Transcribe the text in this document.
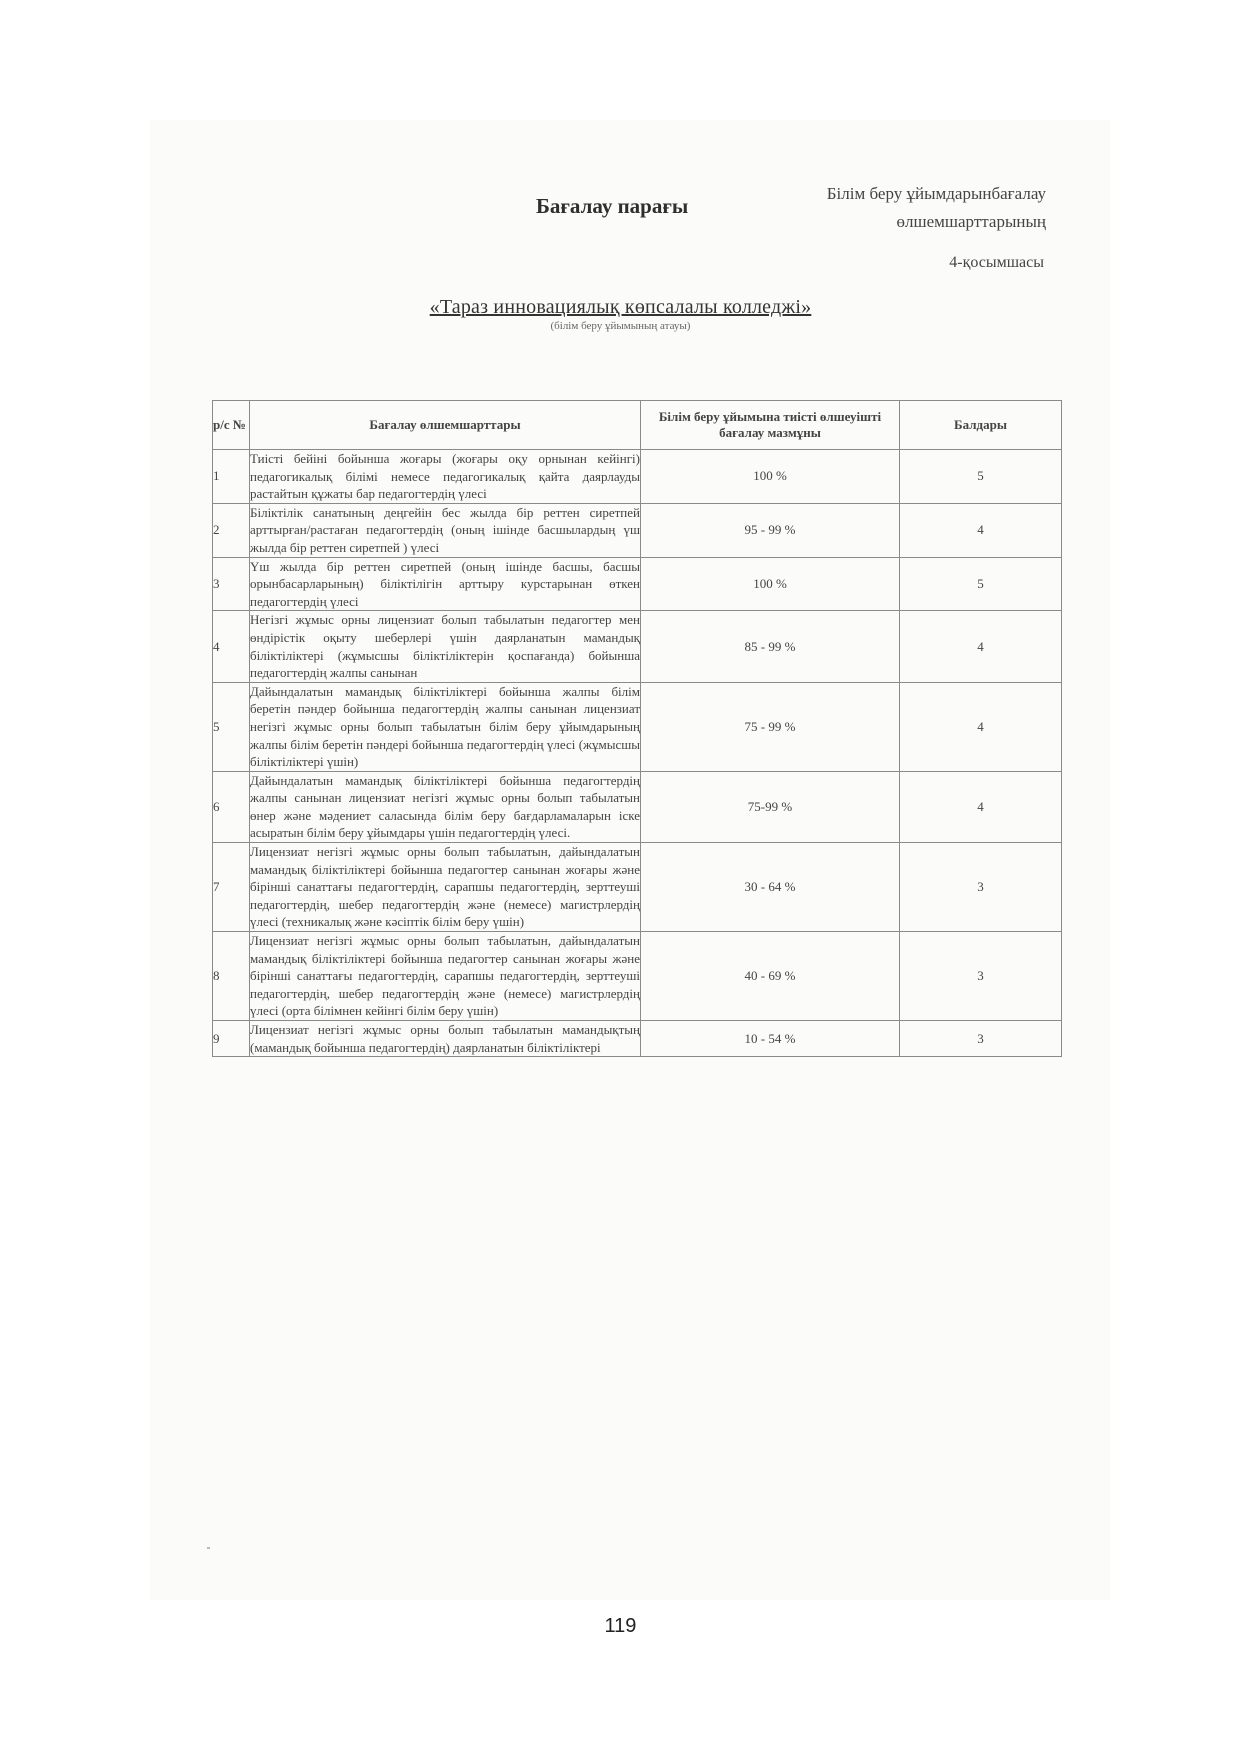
Бағалау парағы
Білім беру ұйымдарынбағалау
өлшемшарттарының
4-қосымшасы
«Тараз инновациялық көпсалалы колледжі»
(білім беру ұйымының атауы)
р/с №	Бағалау өлшемшарттары	Білім беру ұйымына тиісті өлшеуішті бағалау мазмұны	Балдары
1	Тиісті бейіні бойынша жоғары (жоғары оқу орнынан кейінгі) педагогикалық білімі немесе педагогикалық қайта даярлауды растайтын құжаты бар педагогтердің үлесі	100 %	5
2	Біліктілік санатының деңгейін бес жылда бір реттен сиретпей арттырған/растаған педагогтердің (оның ішінде басшылардың үш жылда бір реттен сиретпей ) үлесі	95 - 99 %	4
3	Үш жылда бір реттен сиретпей (оның ішінде басшы, басшы орынбасарларының) біліктілігін арттыру курстарынан өткен педагогтердің үлесі	100 %	5
4	Негізгі жұмыс орны лицензиат болып табылатын педагогтер мен өндірістік оқыту шеберлері үшін даярланатын мамандық біліктіліктері (жұмысшы біліктіліктерін қоспағанда) бойынша педагогтердің жалпы санынан	85 - 99 %	4
5	Дайындалатын мамандық біліктіліктері бойынша жалпы білім беретін пәндер бойынша педагогтердің жалпы санынан лицензиат негізгі жұмыс орны болып табылатын білім беру ұйымдарының жалпы білім беретін пәндері бойынша педагогтердің үлесі (жұмысшы біліктіліктері үшін)	75 - 99 %	4
6	Дайындалатын мамандық біліктіліктері бойынша педагогтердің жалпы санынан лицензиат негізгі жұмыс орны болып табылатын өнер және мәдениет саласында білім беру бағдарламаларын іске асыратын білім беру ұйымдары үшін педагогтердің үлесі.	75-99 %	4
7	Лицензиат негізгі жұмыс орны болып табылатын, дайындалатын мамандық біліктіліктері бойынша педагогтер санынан жоғары және бірінші санаттағы педагогтердің, сарапшы педагогтердің, зерттеуші педагогтердің, шебер педагогтердің және (немесе) магистрлердің үлесі (техникалық және кәсіптік білім беру үшін)	30 - 64 %	3
8	Лицензиат негізгі жұмыс орны болып табылатын, дайындалатын мамандық біліктіліктері бойынша педагогтер санынан жоғары және бірінші санаттағы педагогтердің, сарапшы педагогтердің, зерттеуші педагогтердің, шебер педагогтердің және (немесе) магистрлердің үлесі (орта білімнен кейінгі білім беру үшін)	40 - 69 %	3
9	Лицензиат негізгі жұмыс орны болып табылатын мамандықтың (мамандық бойынша педагогтердің) даярланатын біліктіліктері	10 - 54 %	3
119
